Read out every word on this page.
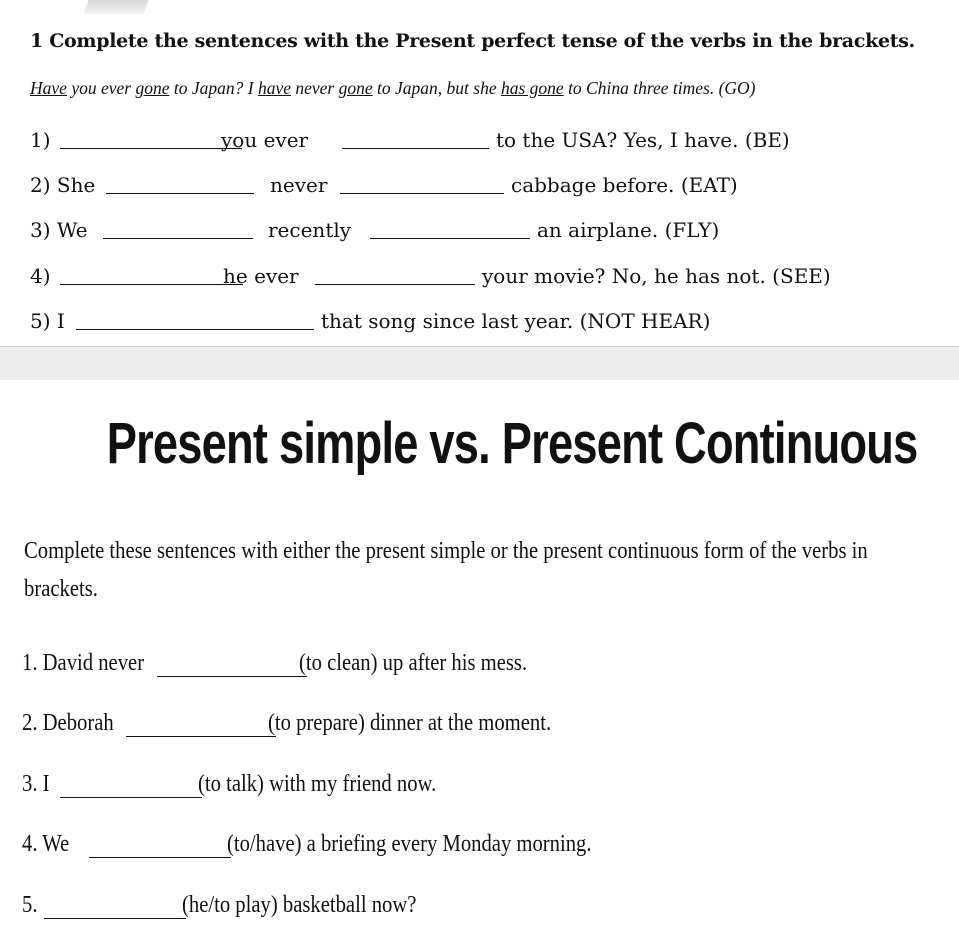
1 Complete the sentences with the Present perfect tense of the verbs in the brackets.
Have you ever gone to Japan? I have never gone to Japan, but she has gone to China three times. (GO)
1)	you ever	to the USA? Yes, I have. (BE)
2) She	never	cabbage before. (EAT)
3) We	recently	an airplane. (FLY)
4)	he ever	your movie? No, he has not. (SEE)
5) I	that song since last year. (NOT HEAR)
Present simple vs. Present Continuous
Complete these sentences with either the present simple or the present continuous form of the verbs in
brackets.
1. David never	(to clean) up after his mess.
2. Deborah	(to prepare) dinner at the moment.
3. I	(to talk) with my friend now.
4. We	(to/have) a briefing every Monday morning.
5.	(he/to play) basketball now?
